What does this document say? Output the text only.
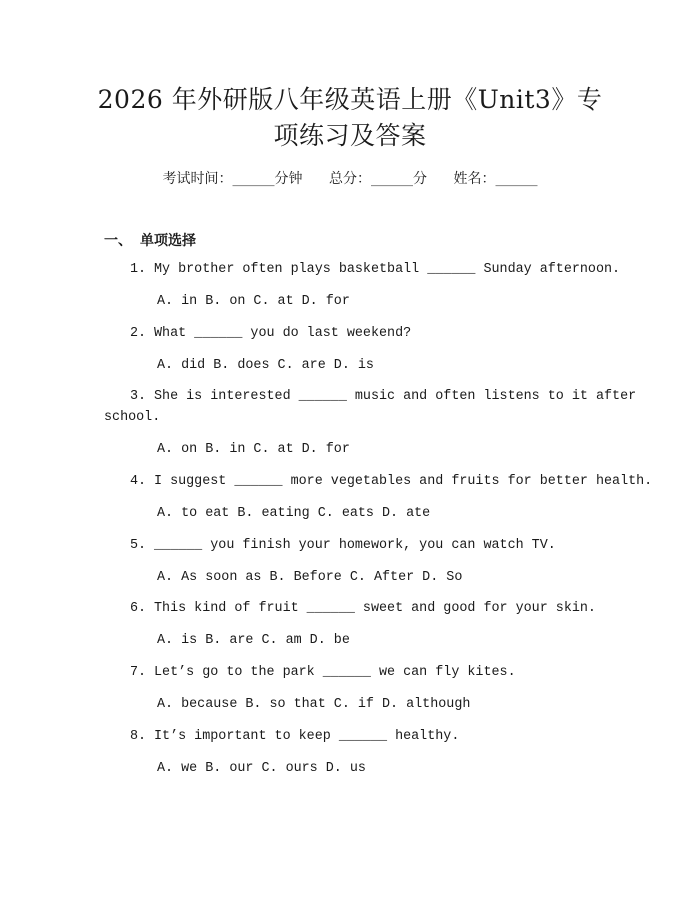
2026 年外研版八年级英语上册《Unit3》专
项练习及答案
考试时间：______分钟 总分：______分 姓名：______
一、 单项选择
1. My brother often plays basketball ______ Sunday afternoon.
A. in B. on C. at D. for
2. What ______ you do last weekend?
A. did B. does C. are D. is
3. She is interested ______ music and often listens to it after
school.
A. on B. in C. at D. for
4. I suggest ______ more vegetables and fruits for better health.
A. to eat B. eating C. eats D. ate
5. ______ you finish your homework, you can watch TV.
A. As soon as B. Before C. After D. So
6. This kind of fruit ______ sweet and good for your skin.
A. is B. are C. am D. be
7. Let’s go to the park ______ we can fly kites.
A. because B. so that C. if D. although
8. It’s important to keep ______ healthy.
A. we B. our C. ours D. us
